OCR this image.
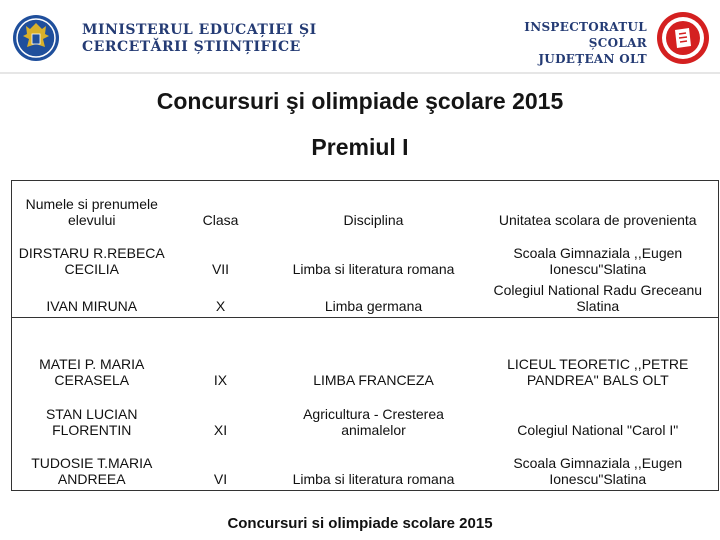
MINISTERUL EDUCAȚIEI ȘI
CERCETĂRII ȘTIINȚIFICE
INSPECTORATUL ȘCOLAR
JUDEȚEAN OLT
Concursuri şi olimpiade şcolare 2015
Premiul I
Numele si prenumele elevului	Clasa	Disciplina	Unitatea scolara de provenienta
DIRSTARU R.REBECA CECILIA	VII	Limba si literatura romana	Scoala Gimnaziala ,,Eugen Ionescu"Slatina
IVAN MIRUNA	X	Limba germana	Colegiul National Radu Greceanu Slatina
MATEI P. MARIA CERASELA	IX	LIMBA FRANCEZA	LICEUL TEORETIC ,,PETRE PANDREA'' BALS OLT
STAN LUCIAN FLORENTIN	XI	Agricultura - Cresterea animalelor	Colegiul National "Carol I"
TUDOSIE T.MARIA ANDREEA	VI	Limba si literatura romana	Scoala Gimnaziala ,,Eugen Ionescu"Slatina
Concursuri si olimpiade scolare 2015
